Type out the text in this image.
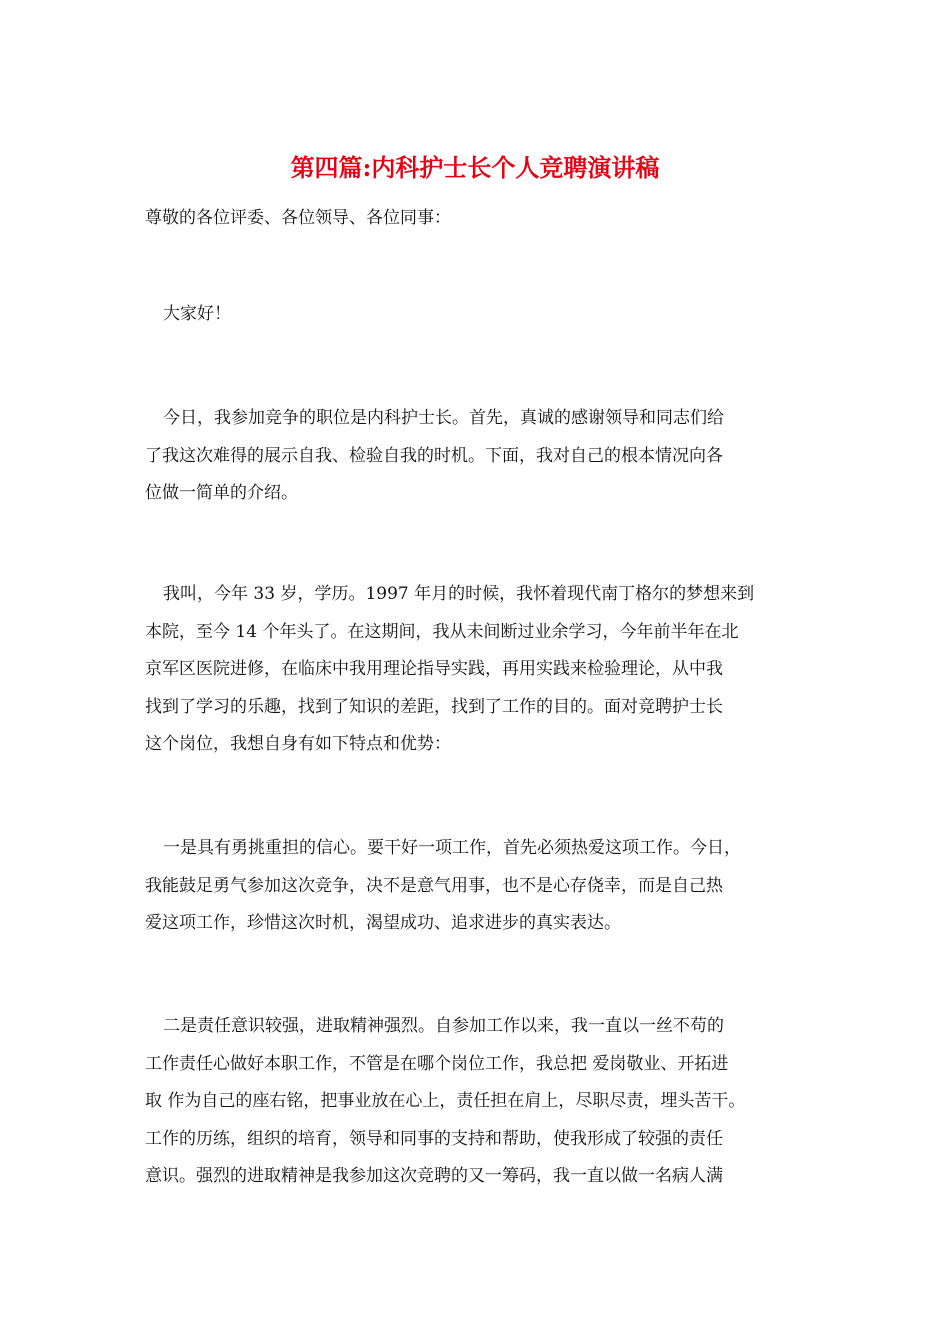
第四篇:内科护士长个人竞聘演讲稿

尊敬的各位评委、各位领导、各位同事：

大家好！

今日，我参加竞争的职位是内科护士长。首先，真诚的感谢领导和同志们给
了我这次难得的展示自我、检验自我的时机。下面，我对自己的根本情况向各
位做一简单的介绍。

我叫，今年 33 岁，学历。1997 年月的时候，我怀着现代南丁格尔的梦想来到
本院，至今 14 个年头了。在这期间，我从未间断过业余学习，今年前半年在北
京军区医院进修，在临床中我用理论指导实践，再用实践来检验理论，从中我
找到了学习的乐趣，找到了知识的差距，找到了工作的目的。面对竞聘护士长
这个岗位，我想自身有如下特点和优势：

一是具有勇挑重担的信心。要干好一项工作，首先必须热爱这项工作。今日，
我能鼓足勇气参加这次竞争，决不是意气用事，也不是心存侥幸，而是自己热
爱这项工作，珍惜这次时机，渴望成功、追求进步的真实表达。

二是责任意识较强，进取精神强烈。自参加工作以来，我一直以一丝不苟的
工作责任心做好本职工作，不管是在哪个岗位工作，我总把 爱岗敬业、开拓进
取 作为自己的座右铭，把事业放在心上，责任担在肩上，尽职尽责，埋头苦干。
工作的历练，组织的培育，领导和同事的支持和帮助，使我形成了较强的责任
意识。强烈的进取精神是我参加这次竞聘的又一筹码，我一直以做一名病人满
